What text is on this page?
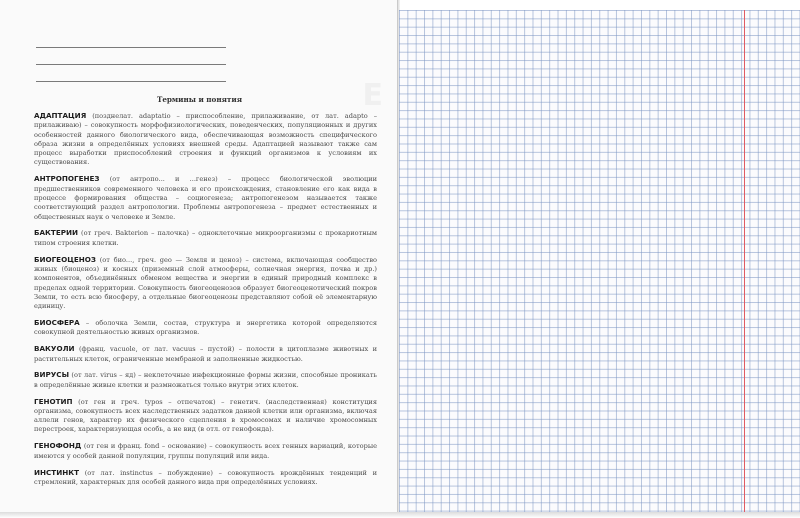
Е
Термины и понятия

АДАПТАЦИЯ (позднелат. adaptatio – приспособление, прилаживание, от лат. adapto – прилаживаю) – совокупность морфофизиологических, поведенческих, популяционных и других особенностей данного биологического вида, обеспечивающая возможность специфического образа жизни в определённых условиях внешней среды. Адаптацией называют также сам процесс выработки приспособлений строения и функций организмов к условиям их существования.

АНТРОПОГЕНЕЗ (от антропо... и ...генез) – процесс биологической эволюции предшественников современного человека и его происхождения, становление его как вида в процессе формирования общества – социогенеза; антропогенезом называется также соответствующий раздел антропологии. Проблемы антропогенеза – предмет естественных и общественных наук о человеке и Земле.

БАКТЕРИИ (от греч. Bakterion – палочка) – одноклеточные микроорганизмы с прокариотным типом строения клетки.

БИОГЕОЦЕНОЗ (от био..., греч. geo — Земля и ценоз) – система, включающая сообщество живых (биоценоз) и косных (приземный слой атмосферы, солнечная энергия, почва и др.) компонентов, объединённых обменом вещества и энергии в единый природный комплекс в пределах одной территории. Совокупность биогеоценозов образует биогеоценотический покров Земли, то есть всю биосферу, а отдельные биогеоценозы представляют собой её элементарную единицу.

БИОСФЕРА – оболочка Земли, состав, структура и энергетика которой определяются совокупной деятельностью живых организмов.

ВАКУОЛИ (франц. vacuole, от лат. vacuus – пустой) – полости в цитоплазме животных и растительных клеток, ограниченные мембраной и заполненные жидкостью.

ВИРУСЫ (от лат. virus – яд) – неклеточные инфекционные формы жизни, способные проникать в определённые живые клетки и размножаться только внутри этих клеток.

ГЕНОТИП (от ген и греч. typos – отпечаток) – генетич. (наследственная) конституция организма, совокупность всех наследственных задатков данной клетки или организма, включая аллели генов, характер их физического сцепления в хромосомах и наличие хромосомных перестроек, характеризующая особь, а не вид (в отл. от генофонда).

ГЕНОФОНД (от ген и франц. fond – основание) – совокупность всех генных вариаций, которые имеются у особей данной популяции, группы популяций или вида.

ИНСТИНКТ (от лат. instinctus – побуждение) – совокупность врождённых тенденций и стремлений, характерных для особей данного вида при определённых условиях.
